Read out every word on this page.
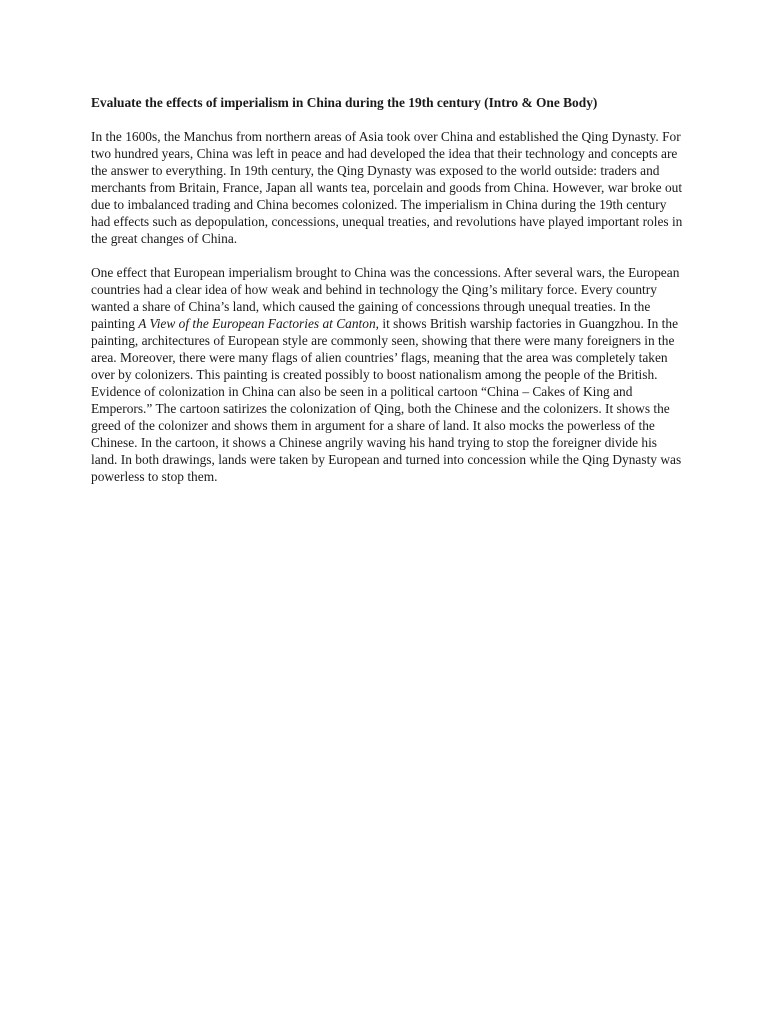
Evaluate the effects of imperialism in China during the 19th century (Intro & One Body)

In the 1600s, the Manchus from northern areas of Asia took over China and established the Qing Dynasty. For two hundred years, China was left in peace and had developed the idea that their technology and concepts are the answer to everything. In 19th century, the Qing Dynasty was exposed to the world outside: traders and merchants from Britain, France, Japan all wants tea, porcelain and goods from China. However, war broke out due to imbalanced trading and China becomes colonized. The imperialism in China during the 19th century had effects such as depopulation, concessions, unequal treaties, and revolutions have played important roles in the great changes of China.

One effect that European imperialism brought to China was the concessions. After several wars, the European countries had a clear idea of how weak and behind in technology the Qing’s military force. Every country wanted a share of China’s land, which caused the gaining of concessions through unequal treaties. In the painting A View of the European Factories at Canton, it shows British warship factories in Guangzhou. In the painting, architectures of European style are commonly seen, showing that there were many foreigners in the area. Moreover, there were many flags of alien countries’ flags, meaning that the area was completely taken over by colonizers. This painting is created possibly to boost nationalism among the people of the British. Evidence of colonization in China can also be seen in a political cartoon “China – Cakes of King and Emperors.” The cartoon satirizes the colonization of Qing, both the Chinese and the colonizers. It shows the greed of the colonizer and shows them in argument for a share of land. It also mocks the powerless of the Chinese. In the cartoon, it shows a Chinese angrily waving his hand trying to stop the foreigner divide his land. In both drawings, lands were taken by European and turned into concession while the Qing Dynasty was powerless to stop them.
